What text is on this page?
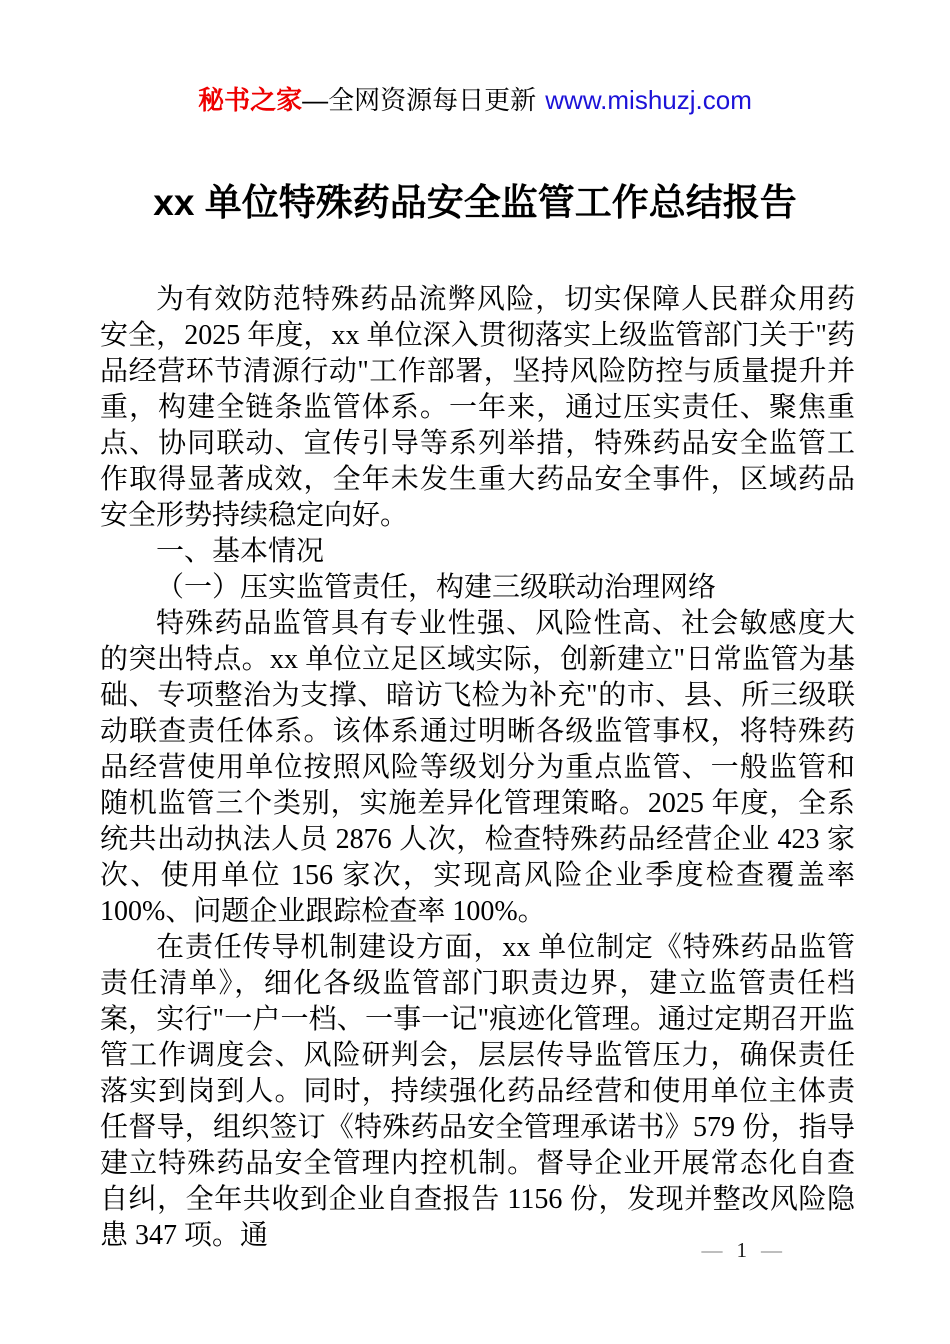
秘书之家—全网资源每日更新 www.mishuzj.com
xx 单位特殊药品安全监管工作总结报告

为有效防范特殊药品流弊风险，切实保障人民群众用药安全，2025 年度，xx 单位深入贯彻落实上级监管部门关于"药品经营环节清源行动"工作部署，坚持风险防控与质量提升并重，构建全链条监管体系。一年来，通过压实责任、聚焦重点、协同联动、宣传引导等系列举措，特殊药品安全监管工作取得显著成效，全年未发生重大药品安全事件，区域药品安全形势持续稳定向好。

一、基本情况

（一）压实监管责任，构建三级联动治理网络

特殊药品监管具有专业性强、风险性高、社会敏感度大的突出特点。xx 单位立足区域实际，创新建立"日常监管为基础、专项整治为支撑、暗访飞检为补充"的市、县、所三级联动联查责任体系。该体系通过明晰各级监管事权，将特殊药品经营使用单位按照风险等级划分为重点监管、一般监管和随机监管三个类别，实施差异化管理策略。2025 年度，全系统共出动执法人员 2876 人次，检查特殊药品经营企业 423 家次、使用单位 156 家次，实现高风险企业季度检查覆盖率 100%、问题企业跟踪检查率 100%。

在责任传导机制建设方面，xx 单位制定《特殊药品监管责任清单》，细化各级监管部门职责边界，建立监管责任档案，实行"一户一档、一事一记"痕迹化管理。通过定期召开监管工作调度会、风险研判会，层层传导监管压力，确保责任落实到岗到人。同时，持续强化药品经营和使用单位主体责任督导，组织签订《特殊药品安全管理承诺书》579 份，指导建立特殊药品安全管理内控机制。督导企业开展常态化自查自纠，全年共收到企业自查报告 1156 份，发现并整改风险隐患 347 项。通	— 1 —
